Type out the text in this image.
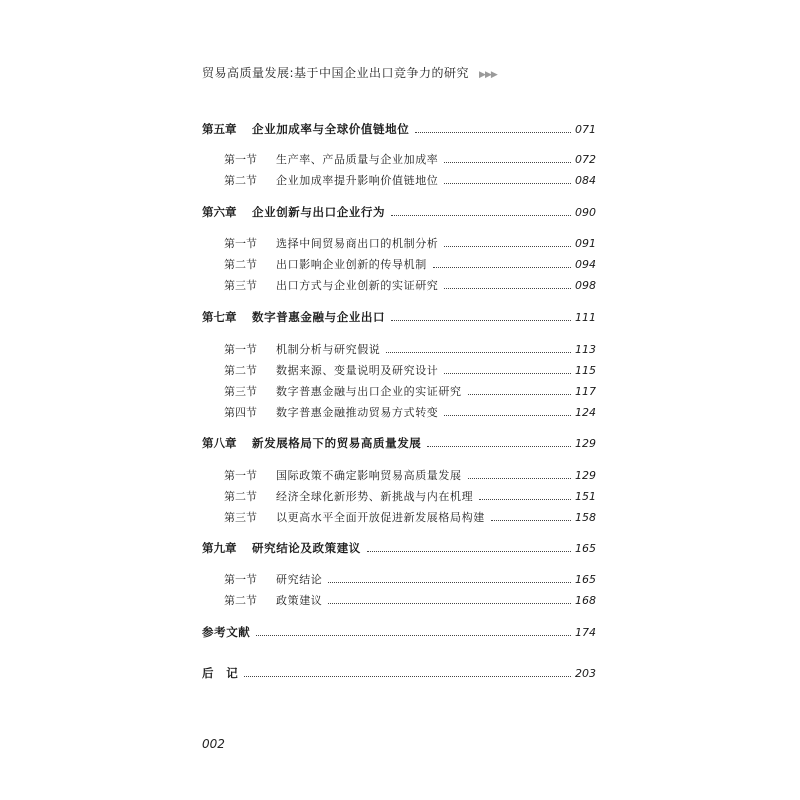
贸易高质量发展:基于中国企业出口竞争力的研究 ▶▶▶
第五章	企业加成率与全球价值链地位	071
第一节	生产率、产品质量与企业加成率	072
第二节	企业加成率提升影响价值链地位	084
第六章	企业创新与出口企业行为	090
第一节	选择中间贸易商出口的机制分析	091
第二节	出口影响企业创新的传导机制	094
第三节	出口方式与企业创新的实证研究	098
第七章	数字普惠金融与企业出口	111
第一节	机制分析与研究假说	113
第二节	数据来源、变量说明及研究设计	115
第三节	数字普惠金融与出口企业的实证研究	117
第四节	数字普惠金融推动贸易方式转变	124
第八章	新发展格局下的贸易高质量发展	129
第一节	国际政策不确定影响贸易高质量发展	129
第二节	经济全球化新形势、新挑战与内在机理	151
第三节	以更高水平全面开放促进新发展格局构建	158
第九章	研究结论及政策建议	165
第一节	研究结论	165
第二节	政策建议	168
参考文献	174
后　记	203
002
